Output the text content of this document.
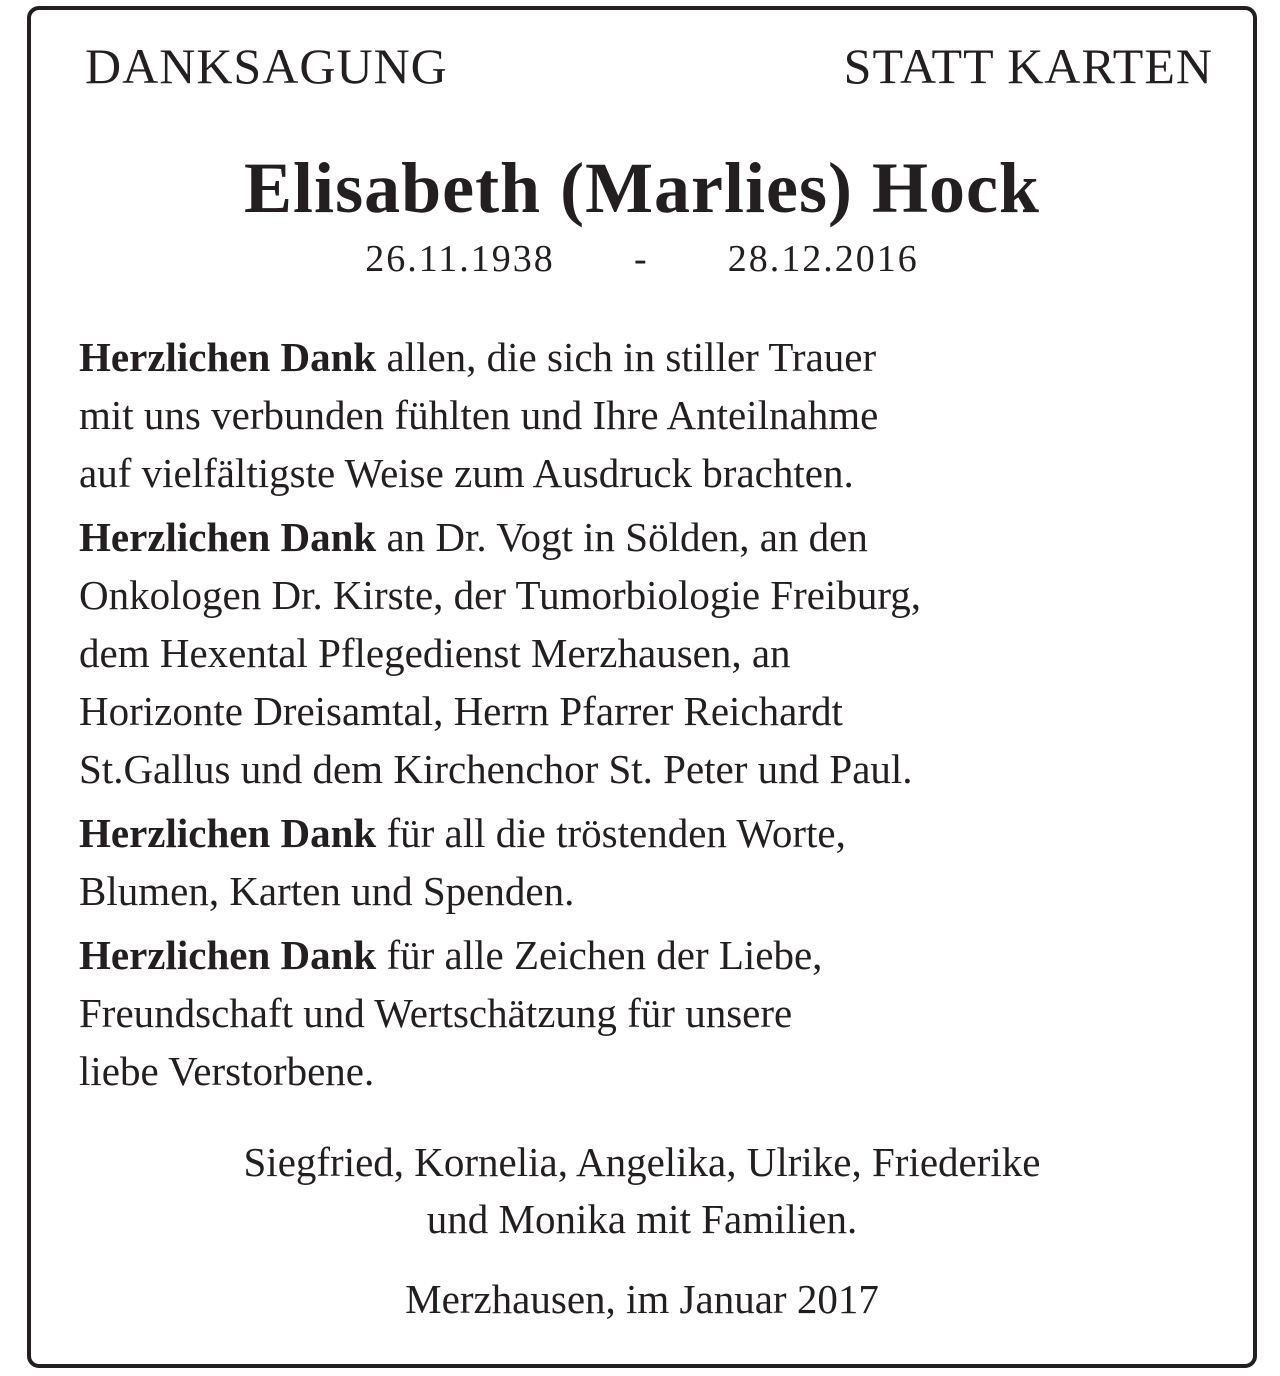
DANKSAGUNG	STATT KARTEN
Elisabeth (Marlies) Hock
26.11.1938 - 28.12.2016
Herzlichen Dank allen, die sich in stiller Trauer
mit uns verbunden fühlten und Ihre Anteilnahme
auf vielfältigste Weise zum Ausdruck brachten.
Herzlichen Dank an Dr. Vogt in Sölden, an den
Onkologen Dr. Kirste, der Tumorbiologie Freiburg,
dem Hexental Pflegedienst Merzhausen, an
Horizonte Dreisamtal, Herrn Pfarrer Reichardt
St.Gallus und dem Kirchenchor St. Peter und Paul.
Herzlichen Dank für all die tröstenden Worte,
Blumen, Karten und Spenden.
Herzlichen Dank für alle Zeichen der Liebe,
Freundschaft und Wertschätzung für unsere
liebe Verstorbene.
Siegfried, Kornelia, Angelika, Ulrike, Friederike
und Monika mit Familien.
Merzhausen, im Januar 2017
